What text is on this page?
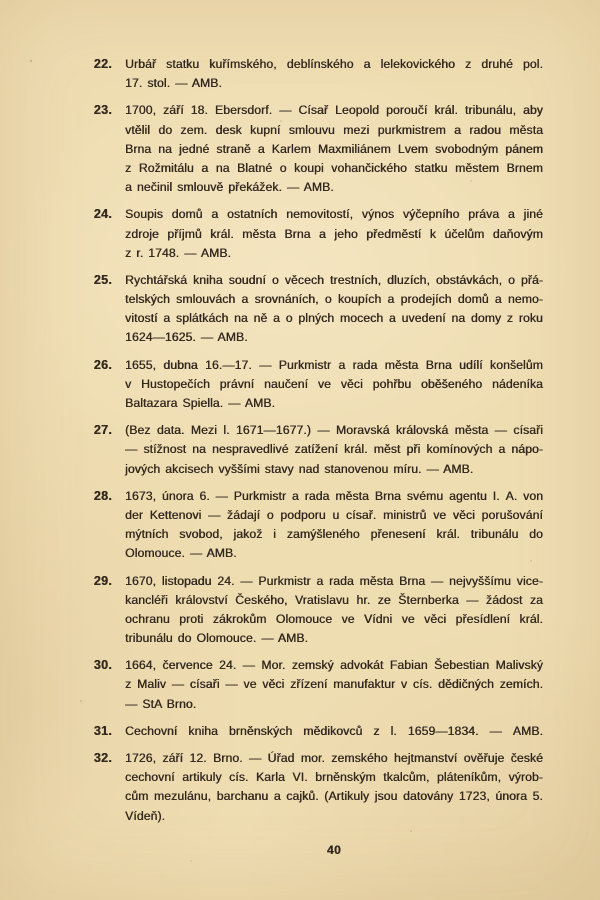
22. Urbář statku kuřímského, deblínského a lelekovického z druhé pol.
17. stol. — AMB.
23. 1700, září 18. Ebersdorf. — Císař Leopold poroučí král. tribunálu, aby
vtělil do zem. desk kupní smlouvu mezi purkmistrem a radou města
Brna na jedné straně a Karlem Maxmiliánem Lvem svobodným pánem
z Rožmitálu a na Blatné o koupi vohančického statku městem Brnem
a nečinil smlouvě překážek. — AMB.
24. Soupis domů a ostatních nemovitostí, výnos výčepního práva a jiné
zdroje příjmů král. města Brna a jeho předměstí k účelům daňovým
z r. 1748. — AMB.
25. Rychtářská kniha soudní o věcech trestních, dluzích, obstávkách, o přá-
telských smlouvách a srovnáních, o koupích a prodejích domů a nemo-
vitostí a splátkách na ně a o plných mocech a uvedení na domy z roku
1624—1625. — AMB.
26. 1655, dubna 16.—17. — Purkmistr a rada města Brna udílí konšelům
v Hustopečích právní naučení ve věci pohřbu oběšeného nádeníka
Baltazara Spiella. — AMB.
27. (Bez data. Mezi l. 1671—1677.) — Moravská královská města — císaři
— stížnost na nespravedlivé zatížení král. měst při komínových a nápo-
jových akcisech vyššími stavy nad stanovenou míru. — AMB.
28. 1673, února 6. — Purkmistr a rada města Brna svému agentu I. A. von
der Kettenovi — žádají o podporu u císař. ministrů ve věci porušování
mýtních svobod, jakož i zamýšleného přenesení král. tribunálu do
Olomouce. — AMB.
29. 1670, listopadu 24. — Purkmistr a rada města Brna — nejvyššímu vice-
kancléři království Českého, Vratislavu hr. ze Šternberka — žádost za
ochranu proti zákrokům Olomouce ve Vídni ve věci přesídlení král.
tribunálu do Olomouce. — AMB.
30. 1664, července 24. — Mor. zemský advokát Fabian Šebestian Malivský
z Maliv — císaři — ve věci zřízení manufaktur v cís. dědičných zemích.
— StA Brno.
31. Cechovní kniha brněnských mědikovců z l. 1659—1834. — AMB.
32. 1726, září 12. Brno. — Úřad mor. zemského hejtmanství ověřuje české
cechovní artikuly cís. Karla VI. brněnským tkalcům, pláteníkům, výrob-
cům mezulánu, barchanu a cajků. (Artikuly jsou datovány 1723, února 5.
Vídeň).
40
